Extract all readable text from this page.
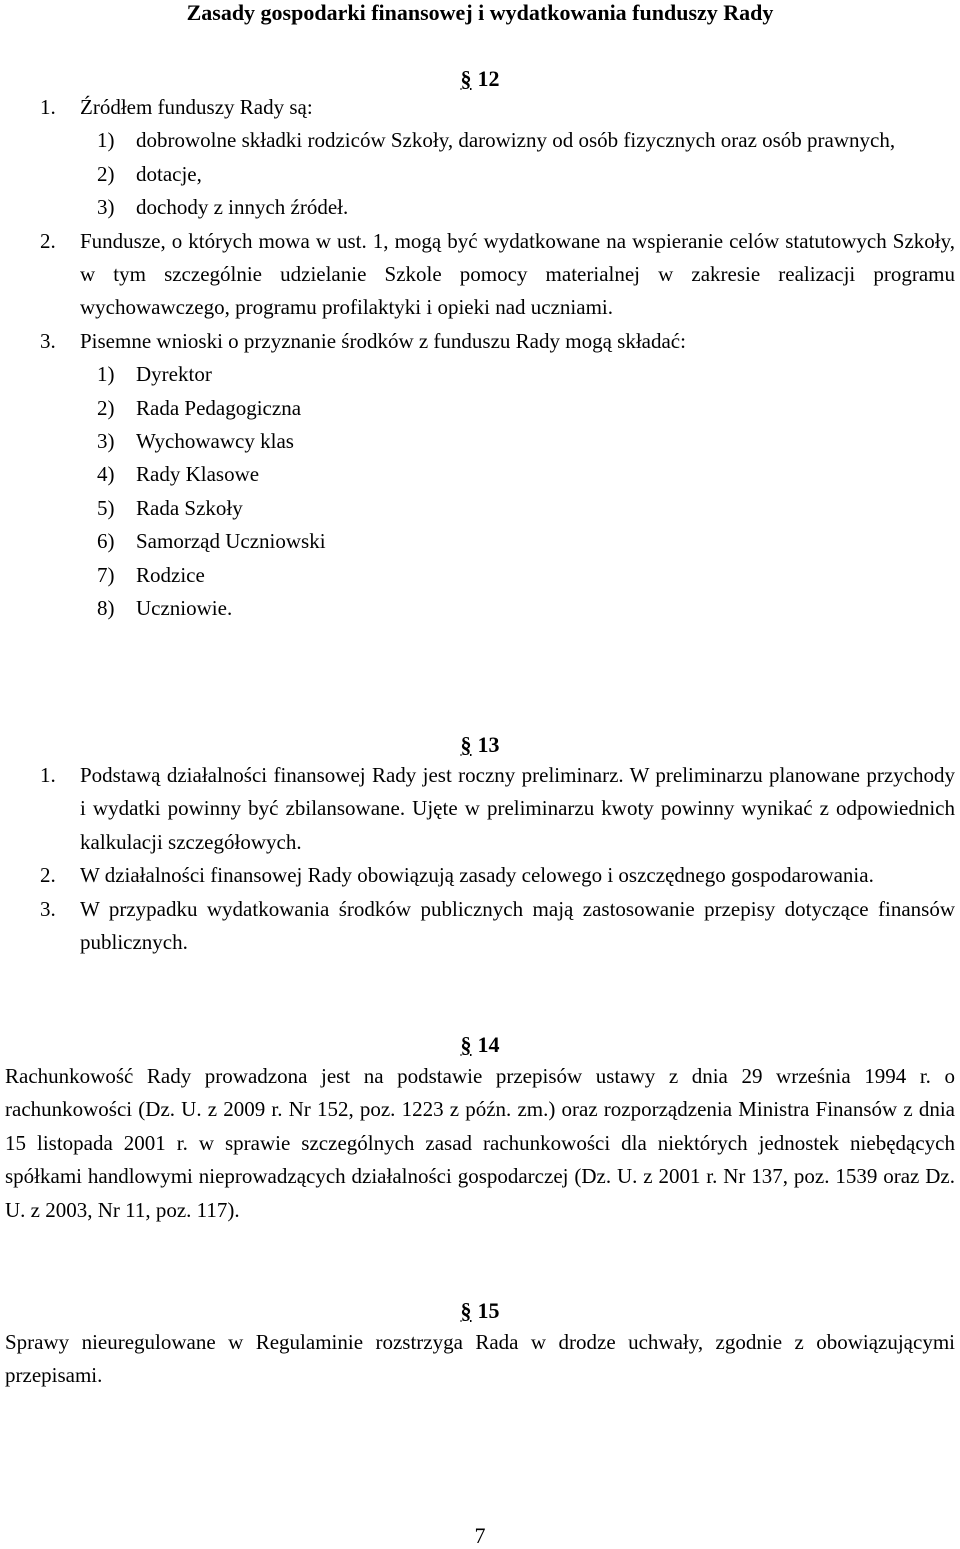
Zasady gospodarki finansowej i wydatkowania funduszy Rady
§ 12
1. Źródłem funduszy Rady są:
1) dobrowolne składki rodziców Szkoły, darowizny od osób fizycznych oraz osób prawnych,
2) dotacje,
3) dochody z innych źródeł.
2. Fundusze, o których mowa w ust. 1, mogą być wydatkowane na wspieranie celów statutowych Szkoły, w tym szczególnie udzielanie Szkole pomocy materialnej w zakresie realizacji programu wychowawczego, programu profilaktyki i opieki nad uczniami.
3. Pisemne wnioski o przyznanie środków z funduszu Rady mogą składać:
1) Dyrektor
2) Rada Pedagogiczna
3) Wychowawcy klas
4) Rady Klasowe
5) Rada Szkoły
6) Samorząd Uczniowski
7) Rodzice
8) Uczniowie.
§ 13
1. Podstawą działalności finansowej Rady jest roczny preliminarz. W preliminarzu planowane przychody i wydatki powinny być zbilansowane. Ujęte w preliminarzu kwoty powinny wynikać z odpowiednich kalkulacji szczegółowych.
2. W działalności finansowej Rady obowiązują zasady celowego i oszczędnego gospodarowania.
3. W przypadku wydatkowania środków publicznych mają zastosowanie przepisy dotyczące finansów publicznych.
§ 14
Rachunkowość Rady prowadzona jest na podstawie przepisów ustawy z dnia 29 września 1994 r. o rachunkowości (Dz. U. z 2009 r. Nr 152, poz. 1223 z późn. zm.) oraz rozporządzenia Ministra Finansów z dnia 15 listopada 2001 r. w sprawie szczególnych zasad rachunkowości dla niektórych jednostek niebędących spółkami handlowymi nieprowadzących działalności gospodarczej (Dz. U. z 2001 r. Nr 137, poz. 1539 oraz Dz. U. z 2003, Nr 11, poz. 117).
§ 15
Sprawy nieuregulowane w Regulaminie rozstrzyga Rada w drodze uchwały, zgodnie z obowiązującymi przepisami.
7
